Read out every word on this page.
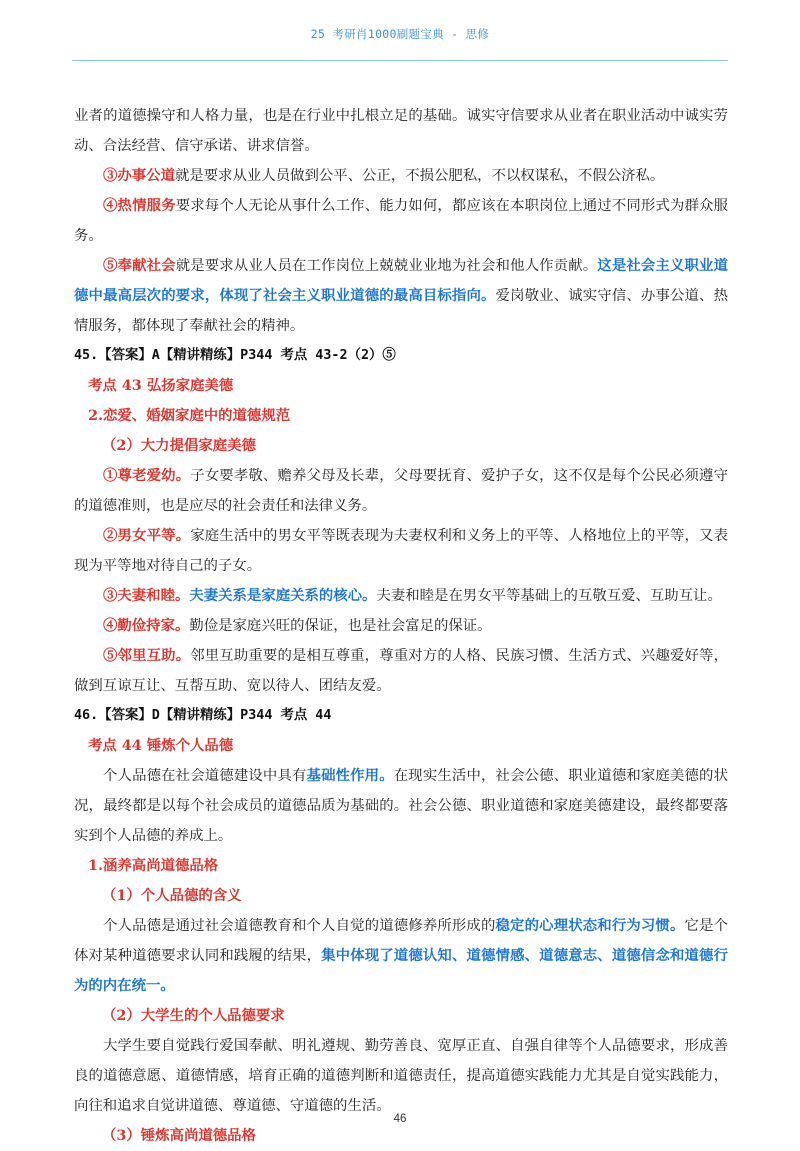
25 考研肖1000刷题宝典 - 思修
业者的道德操守和人格力量，也是在行业中扎根立足的基础。诚实守信要求从业者在职业活动中诚实劳动、合法经营、信守承诺、讲求信誉。
③办事公道就是要求从业人员做到公平、公正，不损公肥私，不以权谋私，不假公济私。
④热情服务要求每个人无论从事什么工作、能力如何，都应该在本职岗位上通过不同形式为群众服务。
⑤奉献社会就是要求从业人员在工作岗位上兢兢业业地为社会和他人作贡献。这是社会主义职业道德中最高层次的要求，体现了社会主义职业道德的最高目标指向。爱岗敬业、诚实守信、办事公道、热情服务，都体现了奉献社会的精神。
45.【答案】A【精讲精练】P344 考点 43-2（2）⑤
考点 43 弘扬家庭美德
2.恋爱、婚姻家庭中的道德规范
（2）大力提倡家庭美德
①尊老爱幼。子女要孝敬、赡养父母及长辈，父母要抚育、爱护子女，这不仅是每个公民必须遵守的道德准则，也是应尽的社会责任和法律义务。
②男女平等。家庭生活中的男女平等既表现为夫妻权利和义务上的平等、人格地位上的平等，又表现为平等地对待自己的子女。
③夫妻和睦。夫妻关系是家庭关系的核心。夫妻和睦是在男女平等基础上的互敬互爱、互助互让。
④勤俭持家。勤俭是家庭兴旺的保证，也是社会富足的保证。
⑤邻里互助。邻里互助重要的是相互尊重，尊重对方的人格、民族习惯、生活方式、兴趣爱好等，做到互谅互让、互帮互助、宽以待人、团结友爱。
46.【答案】D【精讲精练】P344 考点 44
考点 44 锤炼个人品德
个人品德在社会道德建设中具有基础性作用。在现实生活中，社会公德、职业道德和家庭美德的状况，最终都是以每个社会成员的道德品质为基础的。社会公德、职业道德和家庭美德建设，最终都要落实到个人品德的养成上。
1.涵养高尚道德品格
（1）个人品德的含义
个人品德是通过社会道德教育和个人自觉的道德修养所形成的稳定的心理状态和行为习惯。它是个体对某种道德要求认同和践履的结果，集中体现了道德认知、道德情感、道德意志、道德信念和道德行为的内在统一。
（2）大学生的个人品德要求
大学生要自觉践行爱国奉献、明礼遵规、勤劳善良、宽厚正直、自强自律等个人品德要求，形成善良的道德意愿、道德情感，培育正确的道德判断和道德责任，提高道德实践能力尤其是自觉实践能力，向往和追求自觉讲道德、尊道德、守道德的生活。
（3）锤炼高尚道德品格
46
